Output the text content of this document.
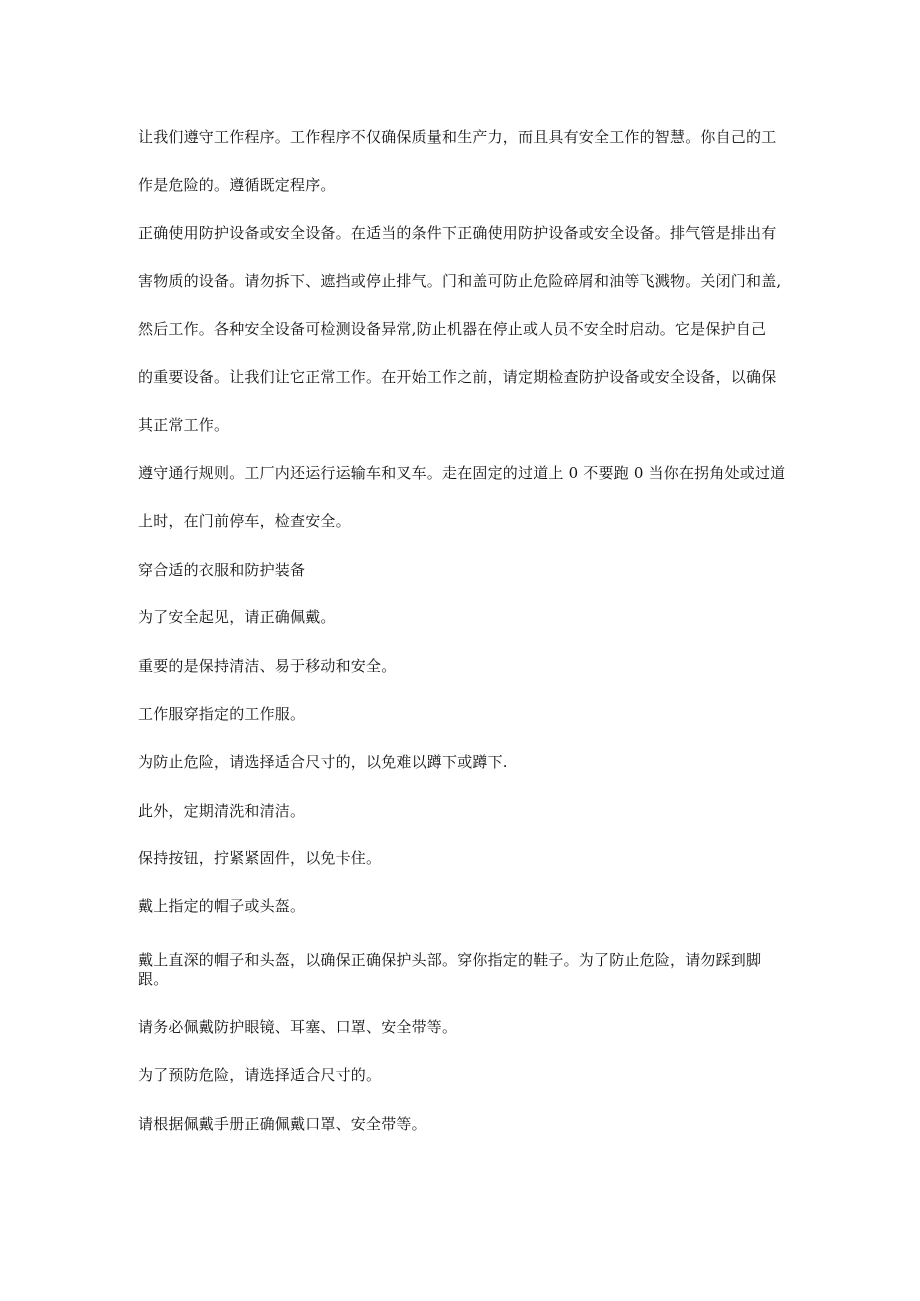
让我们遵守工作程序。工作程序不仅确保质量和生产力，而且具有安全工作的智慧。你自己的工

作是危险的。遵循既定程序。

正确使用防护设备或安全设备。在适当的条件下正确使用防护设备或安全设备。排气管是排出有

害物质的设备。请勿拆下、遮挡或停止排气。门和盖可防止危险碎屑和油等飞溅物。关闭门和盖,

然后工作。各种安全设备可检测设备异常,防止机器在停止或人员不安全时启动。它是保护自己

的重要设备。让我们让它正常工作。在开始工作之前，请定期检查防护设备或安全设备，以确保

其正常工作。

遵守通行规则。工厂内还运行运输车和叉车。走在固定的过道上 0 不要跑 0 当你在拐角处或过道

上时，在门前停车，检查安全。

穿合适的衣服和防护装备

为了安全起见，请正确佩戴。

重要的是保持清洁、易于移动和安全。

工作服穿指定的工作服。

为防止危险，请选择适合尺寸的，以免难以蹲下或蹲下.

此外，定期清洗和清洁。

保持按钮，拧紧紧固件，以免卡住。

戴上指定的帽子或头盔。

戴上直深的帽子和头盔，以确保正确保护头部。穿你指定的鞋子。为了防止危险，请勿踩到脚跟。

请务必佩戴防护眼镜、耳塞、口罩、安全带等。

为了预防危险，请选择适合尺寸的。

请根据佩戴手册正确佩戴口罩、安全带等。
